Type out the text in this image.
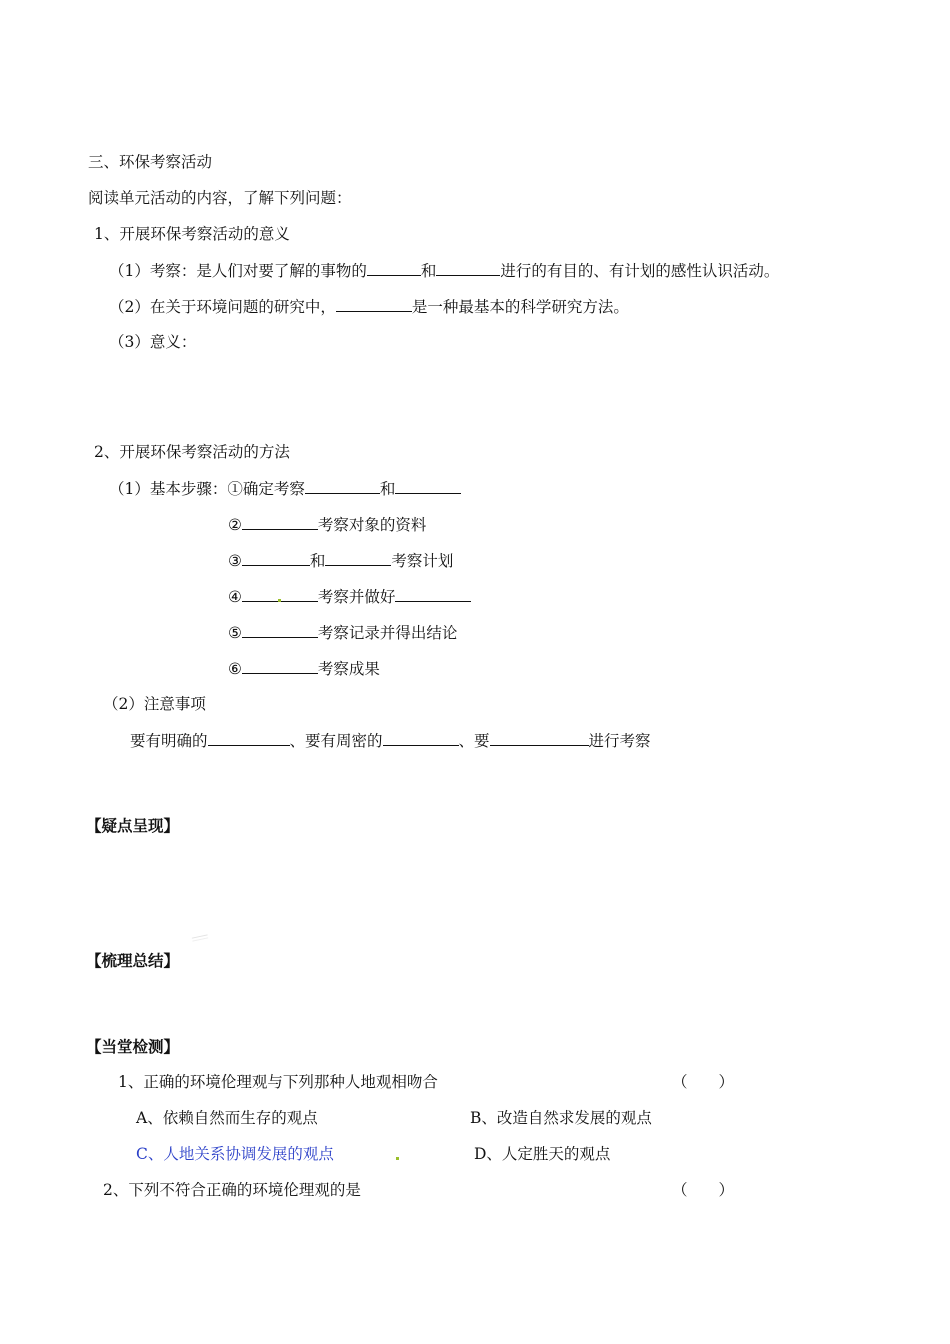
三、环保考察活动
阅读单元活动的内容，了解下列问题：
1、开展环保考察活动的意义
（1）考察：是人们对要了解的事物的	和	进行的有目的、有计划的感性认识活动。
（2）在关于环境问题的研究中，	是一种最基本的科学研究方法。
（3）意义：
2、开展环保考察活动的方法
（1）基本步骤：①确定考察	和
②	考察对象的资料
③	和	考察计划
④	考察并做好
⑤	考察记录并得出结论
⑥	考察成果
（2）注意事项
要有明确的	、要有周密的	、要	进行考察
【疑点呈现】
【梳理总结】
【当堂检测】
1、正确的环境伦理观与下列那种人地观相吻合	（　　）
A、依赖自然而生存的观点	B、改造自然求发展的观点
C、人地关系协调发展的观点	D、人定胜天的观点
2、下列不符合正确的环境伦理观的是	（　　）
